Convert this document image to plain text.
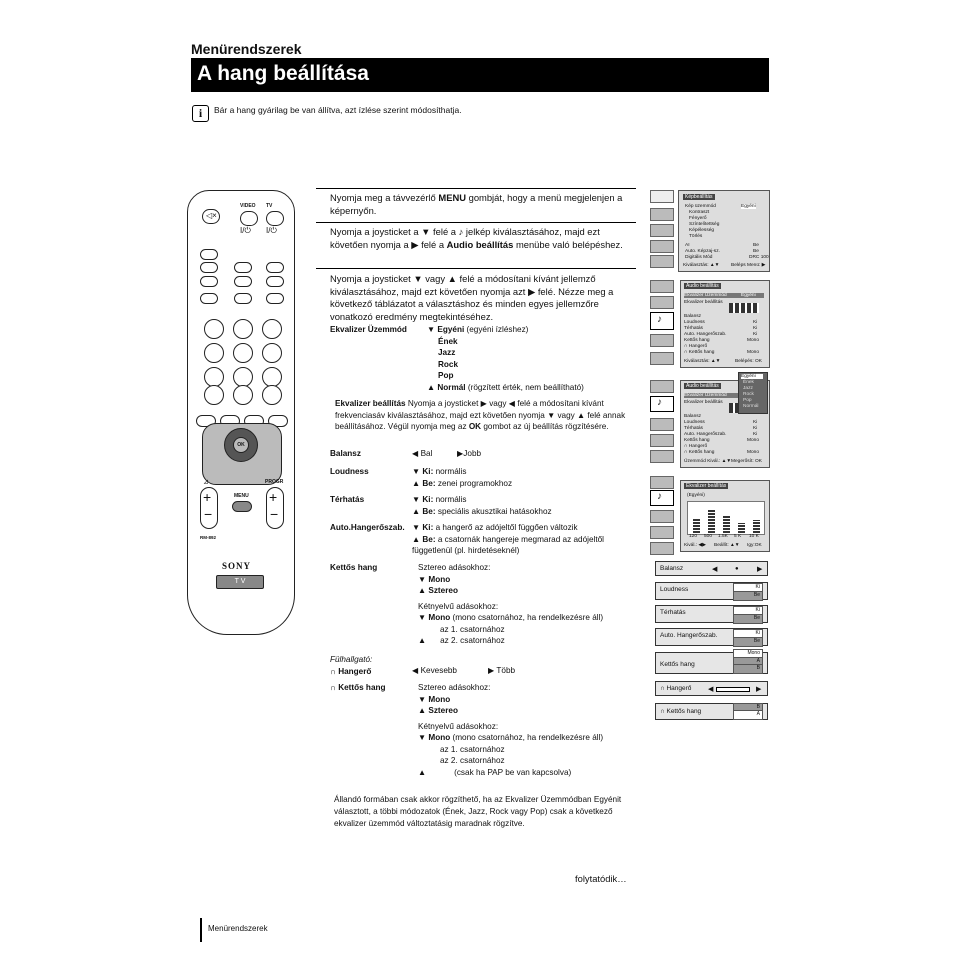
Menürendszerek
A hang beállítása
i	Bár a hang gyárilag be van állítva, azt ízlése szerint módosíthatja.
◁×
VIDEO TV
I/⏻ I/⏻
OK
◿	PROGR
+
−
+
−
MENU
RM-892
SONY
T V
Nyomja meg a távvezérlő MENU gombját, hogy a menü megjelenjen a képernyőn.
Nyomja a joysticket a ▼ felé a ♪ jelkép kiválasztásához, majd ezt követően nyomja a ▶ felé a Audio beállítás menübe való belépéshez.
Nyomja a joysticket ▼ vagy ▲ felé a módosítani kívánt jellemző kiválasztásához, majd ezt követően nyomja azt ▶ felé. Nézze meg a következő táblázatot a választáshoz és minden egyes jellemzőre vonatkozó eredmény megtekintéséhez.
Ekvalizer Üzemmód ▼ Egyéni (egyéni ízléshez)
Ének
Jazz
Rock
Pop
▲ Normál (rögzített érték, nem beállítható)
Ekvalizer beállítás Nyomja a joysticket ▶ vagy ◀ felé a módosítani kívánt frekvenciasáv kiválasztásához, majd ezt követően nyomja ▼ vagy ▲ felé annak beállításához. Végül nyomja meg az OK gombot az új beállítás rögzítésére.
Balansz	◀ Bal	▶Jobb
Loudness	▼ Ki: normális
▲ Be: zenei programokhoz
Térhatás	▼ Ki: normális
▲ Be: speciális akusztikai hatásokhoz
Auto.Hangerőszab. ▼ Ki: a hangerő az adójeltől függően változik
▲ Be: a csatornák hangereje megmarad az adójeltől függetlenül (pl. hirdetéseknél)
Kettős hang	Sztereo adásokhoz:
▼ Mono
▲ Sztereo
Kétnyelvű adásokhoz:
▼ Mono (mono csatornához, ha rendelkezésre áll)
az 1. csatornához
▲ az 2. csatornához
Fülhallgató:
∩ Hangerő	◀ Kevesebb	▶ Több
∩ Kettős hang	Sztereo adásokhoz:
▼ Mono
▲ Sztereo
Kétnyelvű adásokhoz:
▼ Mono (mono csatornához, ha rendelkezésre áll)
az 1. csatornához
az 2. csatornához
▲	(csak ha PAP be van kapcsolva)
Állandó formában csak akkor rögzíthető, ha az Ekvalizer Üzemmódban Egyénit választott, a többi módozatok (Ének, Jazz, Rock vagy Pop) csak a következő ekvalizer üzemmód változtatásig maradnak rögzítve.
folytatódik…
Menürendszerek
Képbeállítás
Kép üzemmód	Egyéni
Kontraszt
Fényerő
Színtelítettség
Képélesség
Törlés
AI	Be
Auto. Képzaj-sz.	Be
Digitális Mód	DRC 100
Kiválasztás: ▲▼ Beléps Menü: ▶
♪
Audio beállítás
Ekvalizer Üzemmód	Egyéni
Ekvalizer beállítás
Balansz
Loudness	Ki
Térhatás	Ki
Auto. Hangerőszab.	Ki
Kettős hang	Mono
∩ Hangerő
∩ Kettős hang	Mono
Kiválasztás: ▲▼	Belépés: OK
♪
Audio beállítás
Ekvalizer Üzemmód
Ekvalizer beállítás
Balansz
Loudness	Ki
Térhatás	Ki
Auto. Hangerőszab.	Ki
Kettős hang	Mono
∩ Hangerő
∩ Kettős hang	Mono
Üzemmód Kivál.: ▲▼ Megerősít: OK
Egyéni
Ének
Jazz
Rock
Pop
Normál
♪
Ekvalizer beállítás
(Egyéni)
120 500 1.5K 5 K 10 K
Kivál.: ◀▶ Beállít: ▲▼ Igy:OK
Balansz	◀	●	▶
Loudness	Ki
Be
Térhatás	Ki
Be
Auto. Hangerőszab.	Ki
Be
Kettős hang
Mono
A
B
∩ Hangerő ◀	▶
∩ Kettős hang
B
A
